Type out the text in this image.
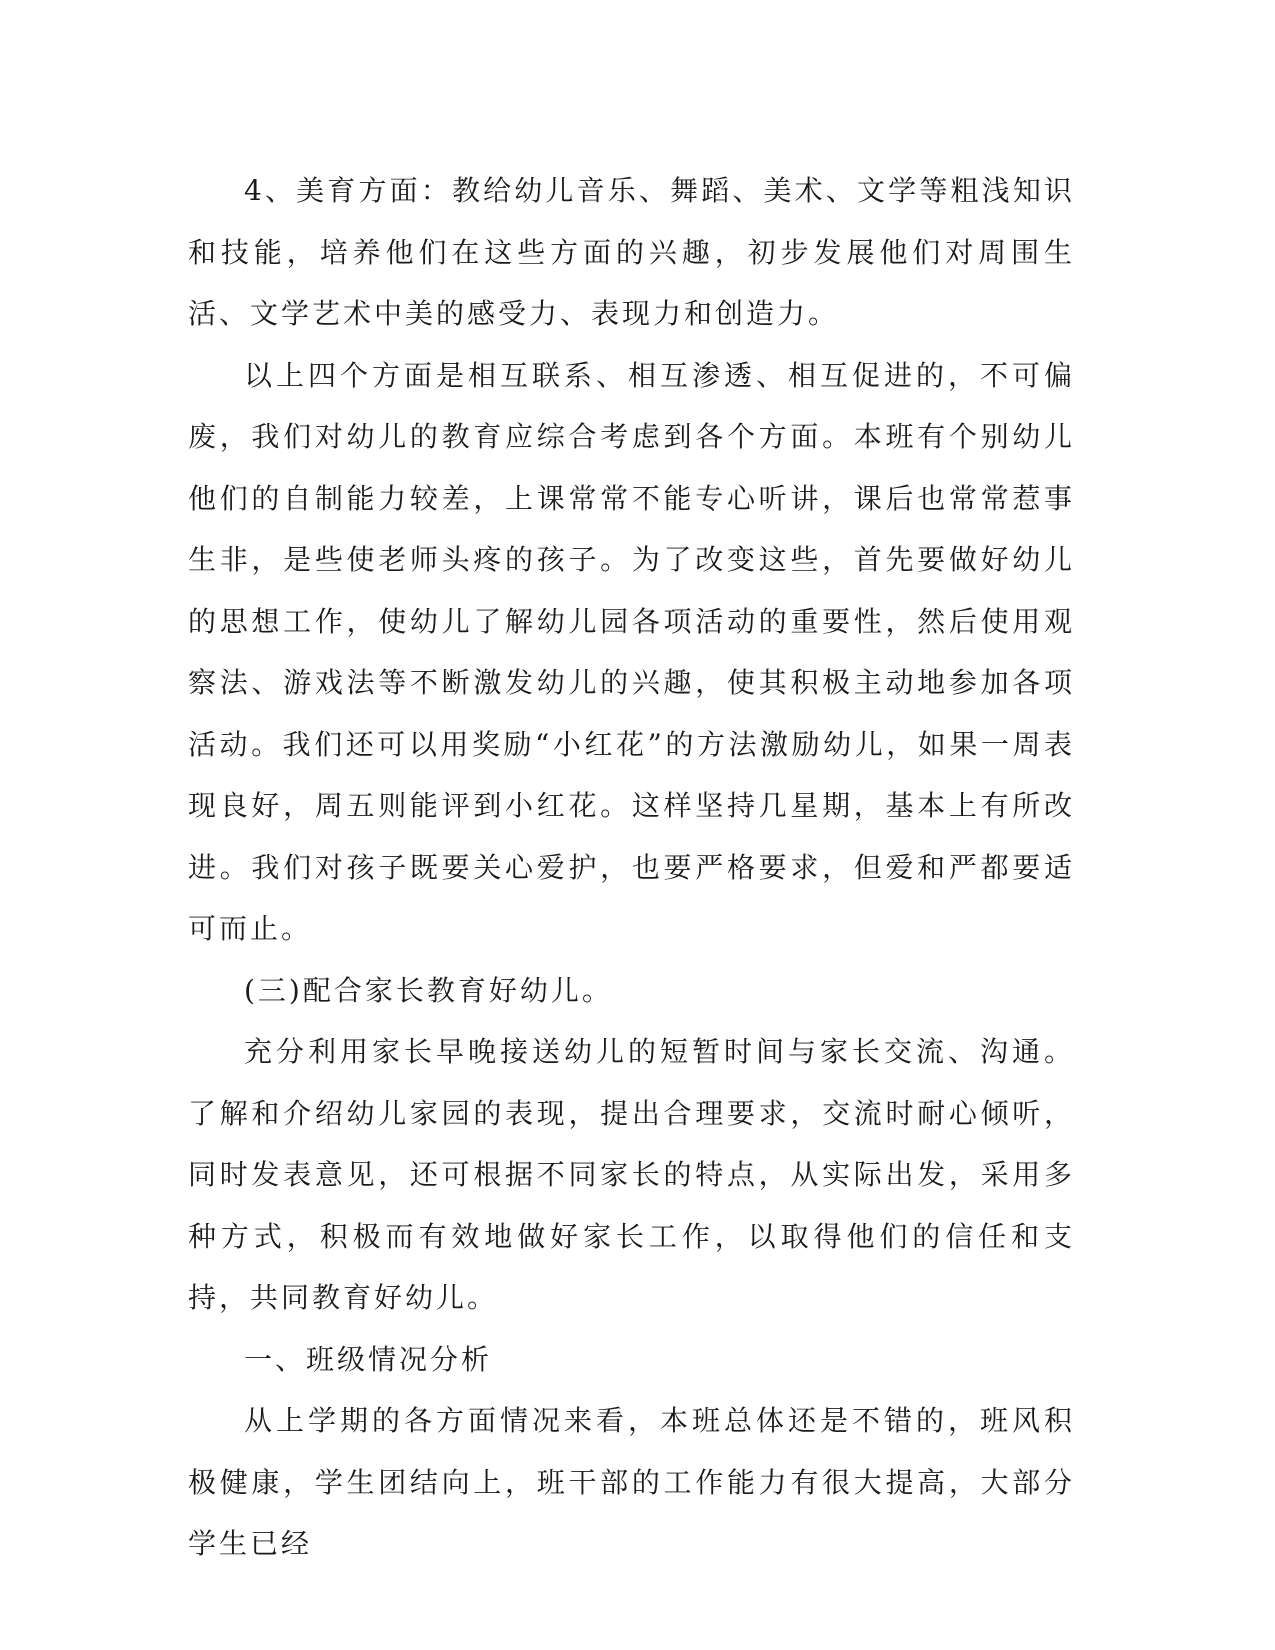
4、美育方面：教给幼儿音乐、舞蹈、美术、文学等粗浅知识和技能，培养他们在这些方面的兴趣，初步发展他们对周围生活、文学艺术中美的感受力、表现力和创造力。

以上四个方面是相互联系、相互渗透、相互促进的，不可偏废，我们对幼儿的教育应综合考虑到各个方面。本班有个别幼儿他们的自制能力较差，上课常常不能专心听讲，课后也常常惹事生非，是些使老师头疼的孩子。为了改变这些，首先要做好幼儿的思想工作，使幼儿了解幼儿园各项活动的重要性，然后使用观察法、游戏法等不断激发幼儿的兴趣，使其积极主动地参加各项活动。我们还可以用奖励“小红花”的方法激励幼儿，如果一周表现良好，周五则能评到小红花。这样坚持几星期，基本上有所改进。我们对孩子既要关心爱护，也要严格要求，但爱和严都要适可而止。

(三)配合家长教育好幼儿。

充分利用家长早晚接送幼儿的短暂时间与家长交流、沟通。了解和介绍幼儿家园的表现，提出合理要求，交流时耐心倾听，同时发表意见，还可根据不同家长的特点，从实际出发，采用多种方式，积极而有效地做好家长工作，以取得他们的信任和支持，共同教育好幼儿。

一、班级情况分析

从上学期的各方面情况来看，本班总体还是不错的，班风积极健康，学生团结向上，班干部的工作能力有很大提高，大部分学生已经
